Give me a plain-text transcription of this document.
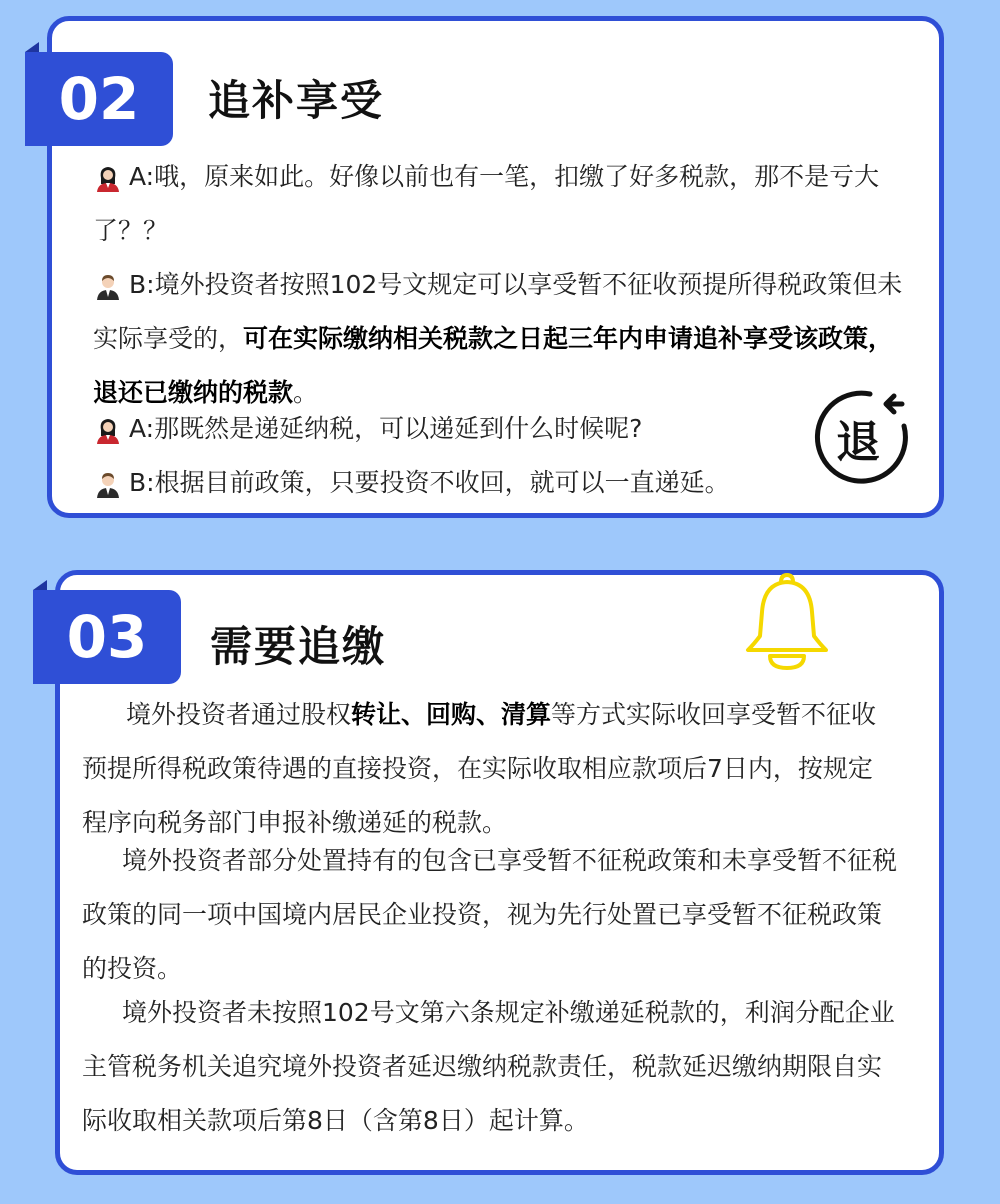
02	追补享受

A:哦，原来如此。好像以前也有一笔，扣缴了好多税款，那不是亏大了？？

B:境外投资者按照102号文规定可以享受暂不征收预提所得税政策但未实际享受的，可在实际缴纳相关税款之日起三年内申请追补享受该政策，退还已缴纳的税款。

A:那既然是递延纳税，可以递延到什么时候呢?

B:根据目前政策，只要投资不收回，就可以一直递延。

退
03	需要追缴

境外投资者通过股权转让、回购、清算等方式实际收回享受暂不征收预提所得税政策待遇的直接投资，在实际收取相应款项后7日内，按规定程序向税务部门申报补缴递延的税款。

境外投资者部分处置持有的包含已享受暂不征税政策和未享受暂不征税政策的同一项中国境内居民企业投资，视为先行处置已享受暂不征税政策的投资。

境外投资者未按照102号文第六条规定补缴递延税款的，利润分配企业主管税务机关追究境外投资者延迟缴纳税款责任，税款延迟缴纳期限自实际收取相关款项后第8日（含第8日）起计算。
